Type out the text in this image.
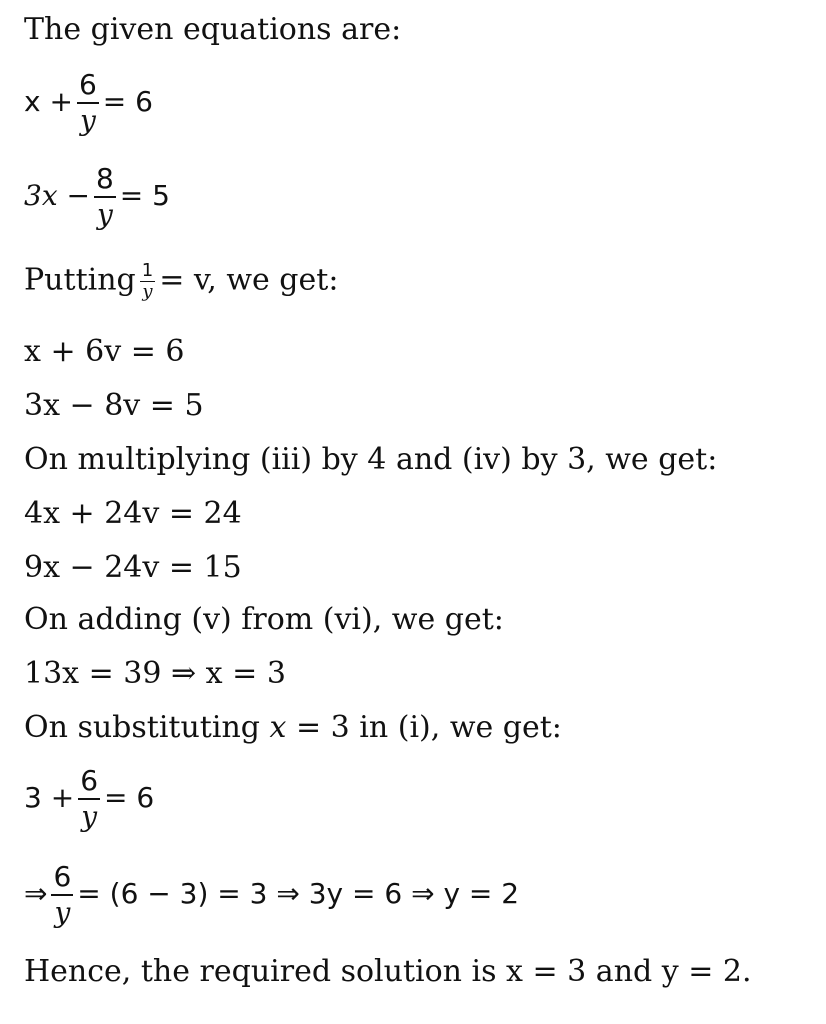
The given equations are:
$x + \frac{6}{y} = 6$
$3x - \frac{8}{y} = 5$
Putting $\frac{1}{y} = v$, we get:
x + 6v = 6
3x − 8v = 5
On multiplying (iii) by 4 and (iv) by 3, we get:
4x + 24v = 24
9x − 24v = 15
On adding (v) from (vi), we get:
13x = 39 ⇒ x = 3
On substituting x = 3 in (i), we get:
$3 + \frac{6}{y} = 6$
⇒ $\frac{6}{y} = (6 - 3) = 3$ ⇒ 3y = 6 ⇒ y = 2
Hence, the required solution is x = 3 and y = 2.
